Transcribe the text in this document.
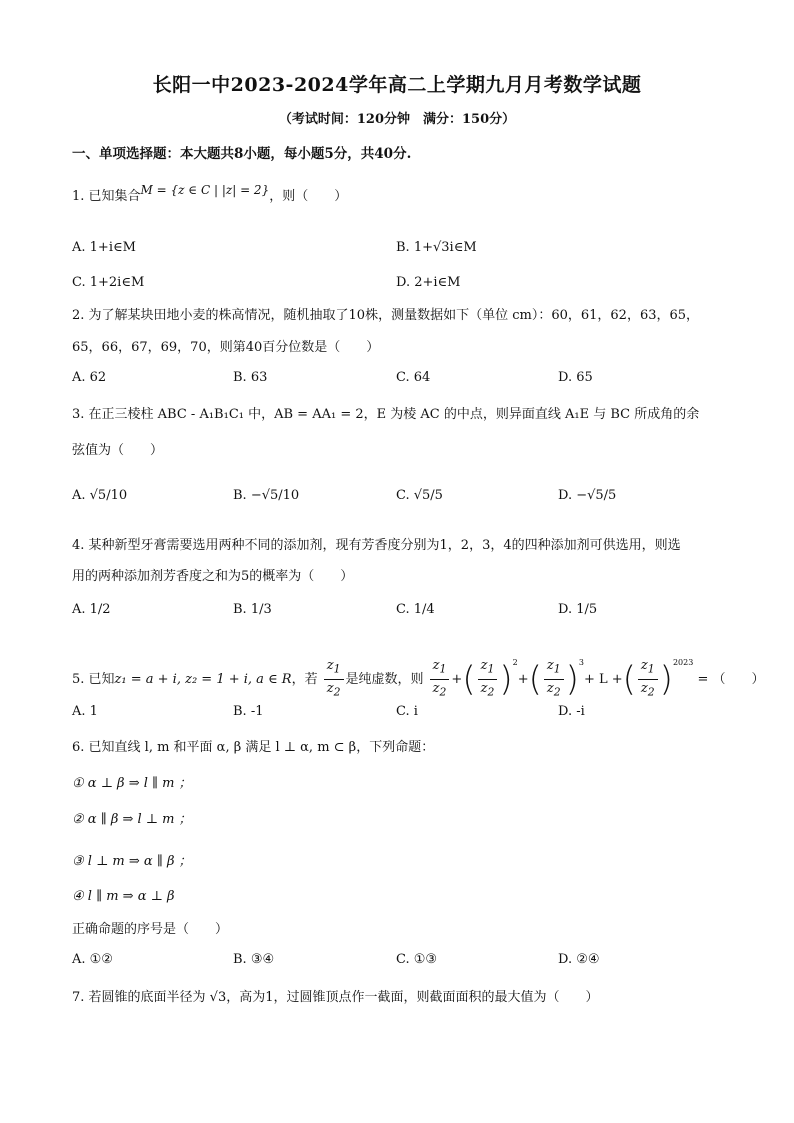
长阳一中2023-2024学年高二上学期九月月考数学试题
（考试时间：120分钟　满分：150分）
一、单项选择题：本大题共8小题，每小题5分，共40分.
1. 已知集合M = {z ∈ C | |z| = 2}，则（　　）
A. 1+i∈M	B. 1+√3i∈M
C. 1+2i∈M	D. 2+i∈M
2. 为了解某块田地小麦的株高情况，随机抽取了10株，测量数据如下（单位 cm）：60，61，62，63，65，
65，66，67，69，70，则第40百分位数是（　　）
A. 62	B. 63	C. 64	D. 65
3. 在正三棱柱 ABC - A₁B₁C₁ 中，AB = AA₁ = 2，E 为棱 AC 的中点，则异面直线 A₁E 与 BC 所成角的余
弦值为（　　）
A. √5/10	B. −√5/10	C. √5/5	D. −√5/5
4. 某种新型牙膏需要选用两种不同的添加剂，现有芳香度分别为1，2，3，4的四种添加剂可供选用，则选
用的两种添加剂芳香度之和为5的概率为（　　）
A. 1/2	B. 1/3	C. 1/4	D. 1/5
5. 已知z₁ = a + i, z₂ = 1 + i, a ∈ R，若 $\frac{z_1}{z_2}$ 是纯虚数，则 $\frac{z_1}{z_2}$ +( $\frac{z_1}{z_2} )^2+( \frac{z_1}{z_2} )^3+ L$ +( $\frac{z_1}{z_2} )^{2023}$ = （　　）
A. 1	B. -1	C. i	D. -i
6. 已知直线 l, m 和平面 α, β 满足 l ⊥ α, m ⊂ β，下列命题：
① α ⊥ β ⇒ l ∥ m ；
② α ∥ β ⇒ l ⊥ m ；
③ l ⊥ m ⇒ α ∥ β ；
④ l ∥ m ⇒ α ⊥ β
正确命题的序号是（　　）
A. ①②	B. ③④	C. ①③	D. ②④
7. 若圆锥的底面半径为 √3，高为1，过圆锥顶点作一截面，则截面面积的最大值为（　　）
